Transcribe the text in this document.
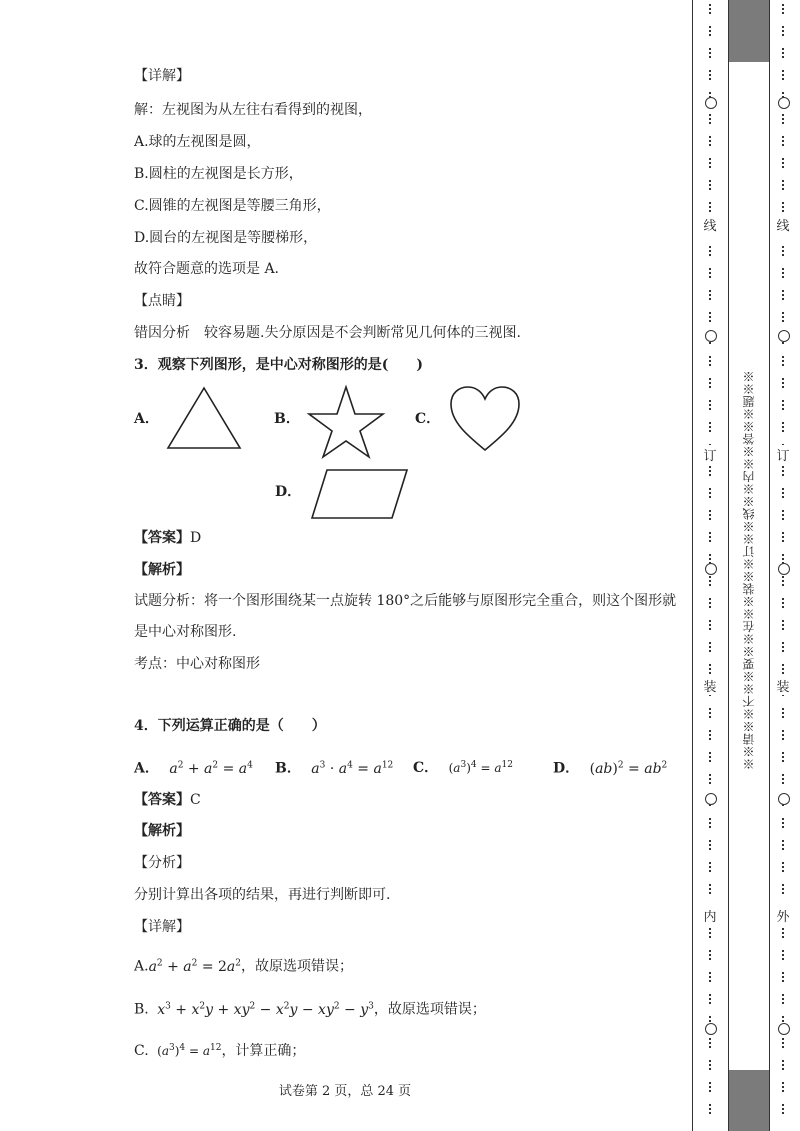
【详解】
解：左视图为从左往右看得到的视图，
A.球的左视图是圆，
B.圆柱的左视图是长方形，
C.圆锥的左视图是等腰三角形，
D.圆台的左视图是等腰梯形，
故符合题意的选项是 A.
【点睛】
错因分析　较容易题.失分原因是不会判断常见几何体的三视图.
3．观察下列图形，是中心对称图形的是(　　)
A．	B．	C．
D．
【答案】D
【解析】
试题分析：将一个图形围绕某一点旋转 180°之后能够与原图形完全重合，则这个图形就
是中心对称图形.
考点：中心对称图形
4．下列运算正确的是（　　）
A． $a^2 + a^2 = a^4$ B． $a^3 \cdot a^4 = a^{12}$ C． $(a^3)^4 = a^{12}$	D． $(ab)^2 = ab^2$
【答案】C
【解析】
【分析】
分别计算出各项的结果，再进行判断即可.
【详解】
$A.a^2 + a^2 = 2a^2$，故原选项错误；
B. $x^3 + x^2y + xy^2 - x^2y - xy^2 - y^3$，故原选项错误；
C. $(a^3)^4 = a^{12}$，计算正确；
试卷第 2 页，总 24 页
线
订
装
内
线
订
装
外
※※请※※不※※要※※在※※装※※订※※线※※内※※答※※题※※
